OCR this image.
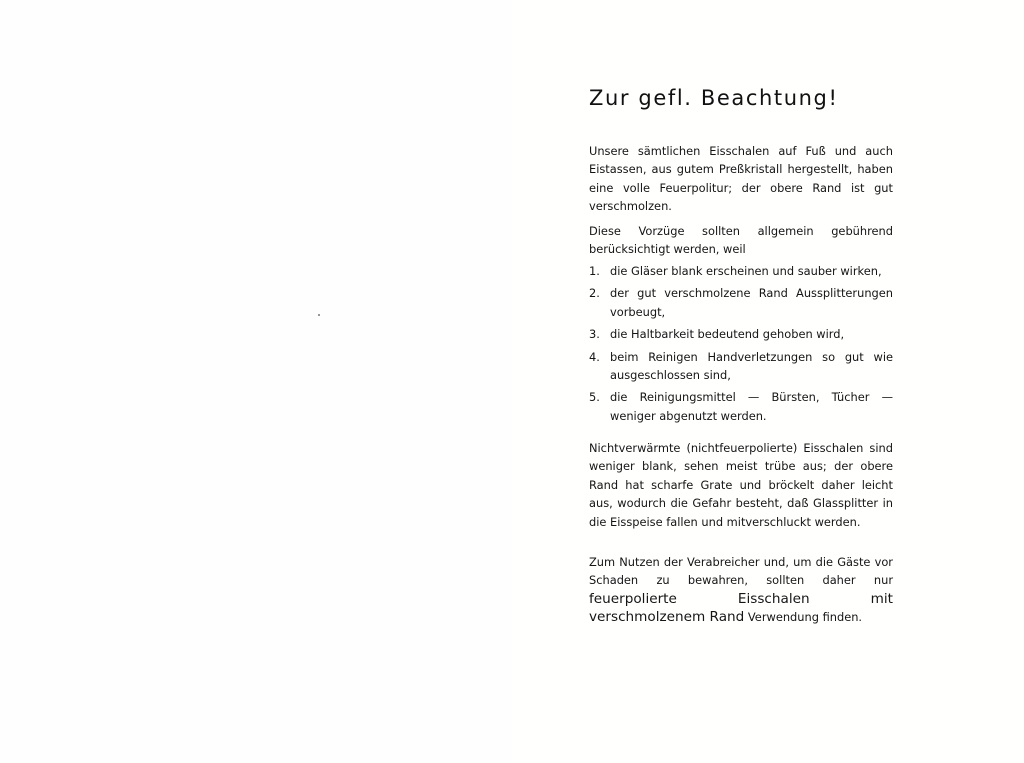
Zur gefl. Beachtung!

Unsere sämtlichen Eisschalen auf Fuß und auch Eistassen, aus gutem Preßkristall hergestellt, haben eine volle Feuerpolitur; der obere Rand ist gut verschmolzen.

Diese Vorzüge sollten allgemein gebührend berücksichtigt werden, weil

1. die Gläser blank erscheinen und sauber wirken,
2. der gut verschmolzene Rand Aussplitterungen vorbeugt,
3. die Haltbarkeit bedeutend gehoben wird,
4. beim Reinigen Handverletzungen so gut wie ausgeschlossen sind,
5. die Reinigungsmittel — Bürsten, Tücher — weniger abgenutzt werden.

Nichtverwärmte (nichtfeuerpolierte) Eisschalen sind weniger blank, sehen meist trübe aus; der obere Rand hat scharfe Grate und bröckelt daher leicht aus, wodurch die Gefahr besteht, daß Glassplitter in die Eisspeise fallen und mitverschluckt werden.

Zum Nutzen der Verabreicher und, um die Gäste vor Schaden zu bewahren, sollten daher nur feuerpolierte Eisschalen mit verschmolzenem Rand Verwendung finden.
